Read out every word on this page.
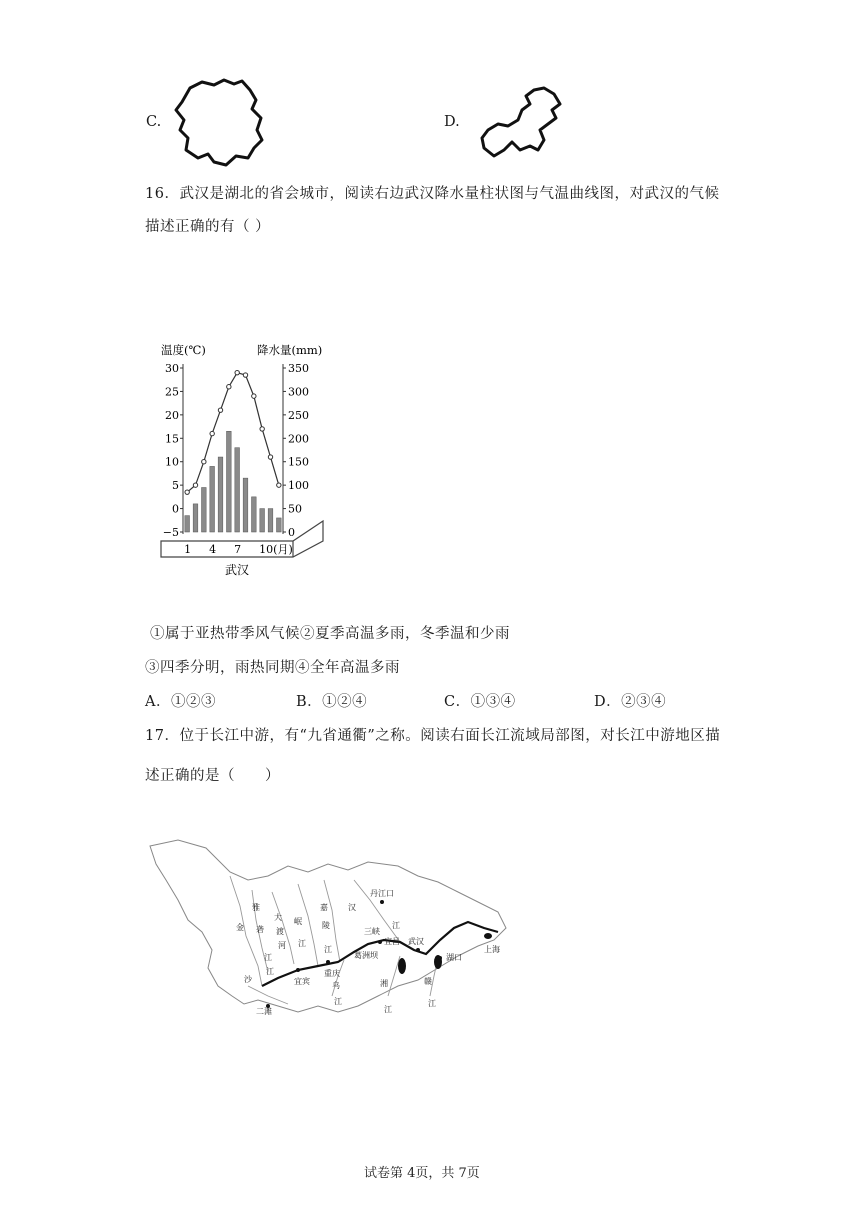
C.	D.
16．武汉是湖北的省会城市，阅读右边武汉降水量柱状图与气温曲线图，对武汉的气候
描述正确的有（ ）
温度(℃)	降水量(mm)
30
25
20
15
10
5
0
−5
350
300
250
200
150
100
50
0
1 4 7 10(月)
武汉
①属于亚热带季风气候②夏季高温多雨，冬季温和少雨
③四季分明，雨热同期④全年高温多雨
A．①②③	B．①②④	C．①③④	D．②③④
17．位于长江中游，有“九省通衢”之称。阅读右面长江流域局部图，对长江中游地区描
述正确的是（　　）
金
沙
江
雅
砻
江
大
渡
河
岷
江
嘉
陵
江
汉
江
丹江口
三峡
宜昌
葛洲坝
武汉
湖口
上海
重庆
宜宾
二滩
湘
江
赣
江
乌
江
试卷第 4页，共 7页
